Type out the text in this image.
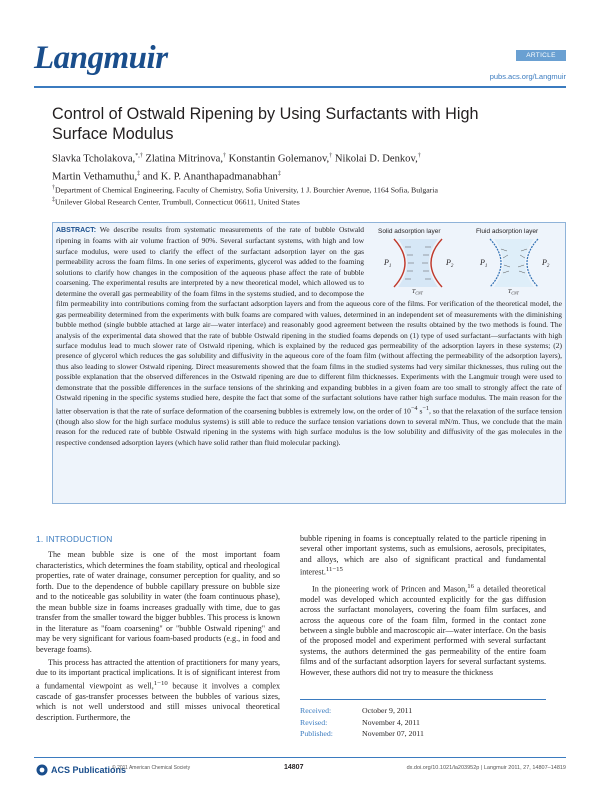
Langmuir	ARTICLE
pubs.acs.org/Langmuir
Control of Ostwald Ripening by Using Surfactants with High
Surface Modulus
Slavka Tcholakova,*,† Zlatina Mitrinova,† Konstantin Golemanov,† Nikolai D. Denkov,†
Martin Vethamuthu,‡ and K. P. Ananthapadmanabhan‡
†Department of Chemical Engineering, Faculty of Chemistry, Sofia University, 1 J. Bourchier Avenue, 1164 Sofia, Bulgaria
‡Unilever Global Research Center, Trumbull, Connecticut 06611, United States
Solid adsorption layer	Fluid adsorption layer
$P_1$	$P_2$
$T_{CNT}$
$P_1$	$P_2$
$T_{CNT}$
ABSTRACT: We describe results from systematic measurements of the rate of bubble Ostwald ripening in foams with air volume fraction of 90%. Several surfactant systems, with high and low surface modulus, were used to clarify the effect of the surfactant adsorption layer on the gas permeability across the foam films. In one series of experiments, glycerol was added to the foaming solutions to clarify how changes in the composition of the aqueous phase affect the rate of bubble coarsening. The experimental results are interpreted by a new theoretical model, which allowed us to determine the overall gas permeability of the foam films in the systems studied, and to decompose the film permeability into contributions coming from the surfactant adsorption layers and from the aqueous core of the films. For verification of the theoretical model, the gas permeability determined from the experiments with bulk foams are compared with values, determined in an independent set of measurements with the diminishing bubble method (single bubble attached at large air—water interface) and reasonably good agreement between the results obtained by the two methods is found. The analysis of the experimental data showed that the rate of bubble Ostwald ripening in the studied foams depends on (1) type of used surfactant—surfactants with high surface modulus lead to much slower rate of Ostwald ripening, which is explained by the reduced gas permeability of the adsorption layers in these systems; (2) presence of glycerol which reduces the gas solubility and diffusivity in the aqueous core of the foam film (without affecting the permeability of the adsorption layers), thus also leading to slower Ostwald ripening. Direct measurements showed that the foam films in the studied systems had very similar thicknesses, thus ruling out the possible explanation that the observed differences in the Ostwald ripening are due to different film thicknesses. Experiments with the Langmuir trough were used to demonstrate that the possible differences in the surface tensions of the shrinking and expanding bubbles in a given foam are too small to strongly affect the rate of Ostwald ripening in the specific systems studied here, despite the fact that some of the surfactant solutions have rather high surface modulus. The main reason for the latter observation is that the rate of surface deformation of the coarsening bubbles is extremely low, on the order of $10^{-4}$ $s^{-1}$, so that the relaxation of the surface tension (though also slow for the high surface modulus systems) is still able to reduce the surface tension variations down to several mN/m. Thus, we conclude that the main reason for the reduced rate of bubble Ostwald ripening in the systems with high surface modulus is the low solubility and diffusivity of the gas molecules in the respective condensed adsorption layers (which have solid rather than fluid molecular packing).
1. INTRODUCTION

The mean bubble size is one of the most important foam characteristics, which determines the foam stability, optical and rheological properties, rate of water drainage, consumer perception for quality, and so forth. Due to the dependence of bubble capillary pressure on bubble size and to the noticeable gas solubility in water (the foam continuous phase), the mean bubble size in foams increases gradually with time, due to gas transfer from the smaller toward the bigger bubbles. This process is known in the literature as "foam coarsening" or "bubble Ostwald ripening" and may be very significant for various foam-based products (e.g., in food and beverage foams).

This process has attracted the attention of practitioners for many years, due to its important practical implications. It is of significant interest from a fundamental viewpoint as well,$^{1-10}$ because it involves a complex cascade of gas-transfer processes between the bubbles of various sizes, which is not well understood and still misses univocal theoretical description. Furthermore, the

bubble ripening in foams is conceptually related to the particle ripening in several other important systems, such as emulsions, aerosols, precipitates, and alloys, which are also of significant practical and fundamental interest.$^{11-15}$

In the pioneering work of Princen and Mason,$^{16}$ a detailed theoretical model was developed which accounted explicitly for the gas diffusion across the surfactant monolayers, covering the foam film surfaces, and across the aqueous core of the foam film, formed in the contact zone between a single bubble and macroscopic air—water interface. On the basis of the proposed model and experiment performed with several surfactant systems, the authors determined the gas permeability of the entire foam films and of the surfactant adsorption layers for several surfactant systems. However, these authors did not try to measure the thickness

Received:	October 9, 2011
Revised:	November 4, 2011
Published:	November 07, 2011
ACS Publications
© 2011 American Chemical Society	14807	dx.doi.org/10.1021/la203952p | Langmuir 2011, 27, 14807–14819
